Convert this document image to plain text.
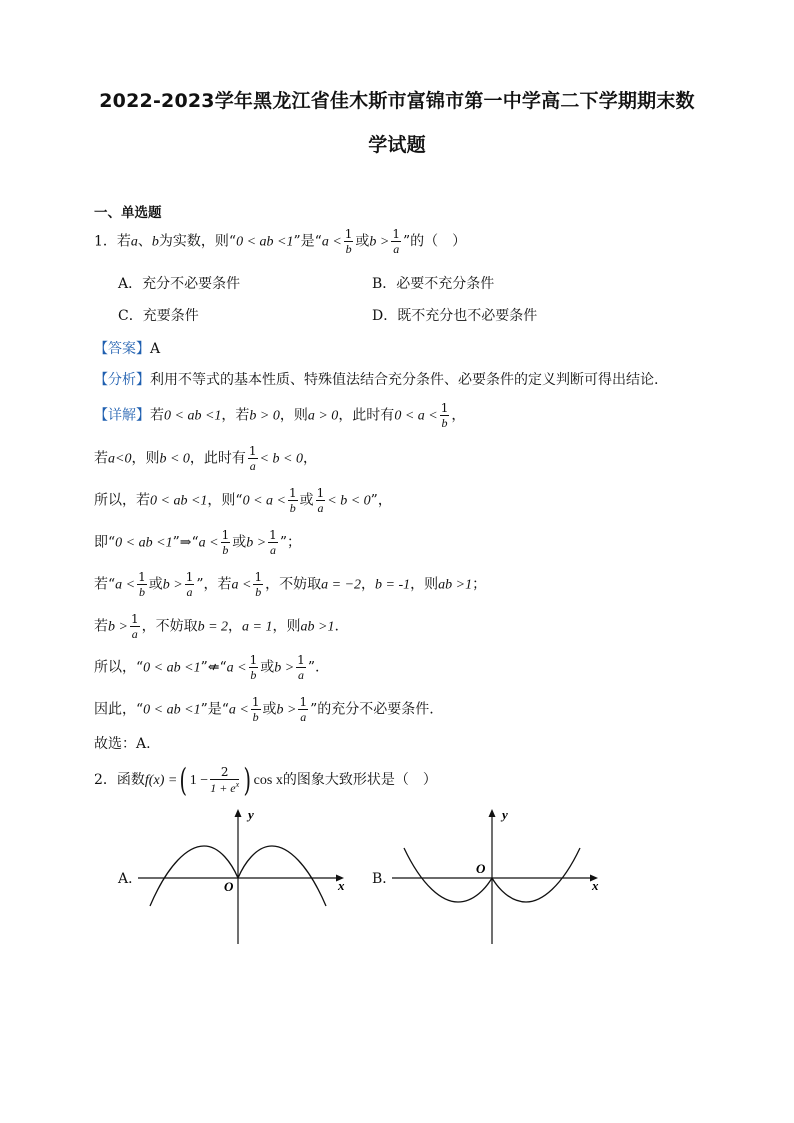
2022-2023学年黑龙江省佳木斯市富锦市第一中学高二下学期期末数
学试题
一、单选题
1．若a、b为实数，则“0 < ab <1”是“$a < \frac{1}{b}$ 或$b > \frac{1}{a}$ ”的（　）
A．充分不必要条件	B．必要不充分条件
C．充要条件	D．既不充分也不必要条件
【答案】A
【分析】利用不等式的基本性质、特殊值法结合充分条件、必要条件的定义判断可得出结论.
【详解】若0 < ab <1，若b > 0，则a > 0，此时有$0 < a < \frac{1}{b}$ ，
若a<0，则b < 0，此时有 $\frac{1}{a} < b < 0$，
所以，若0 < ab <1，则“$0 < a < \frac{1}{b}$ 或 $\frac{1}{a} < b < 0$”，
即“0 < ab <1”⇒“a < $\frac{1}{b}$ 或$b > \frac{1}{a}$ ”；
若“$a < \frac{1}{b}$ 或$b > \frac{1}{a}$ ”，若$a < \frac{1}{b}$ ，不妨取a = −2，b = -1，则ab >1；
若$b > \frac{1}{a}$ ，不妨取b = 2，a = 1，则ab >1.
所以，“0 < ab <1”⇍“a < $\frac{1}{b}$ 或$b > \frac{1}{a}$ ”.
因此，“0 < ab <1”是“$a < \frac{1}{b}$ 或$b > \frac{1}{a}$ ”的充分不必要条件.
故选：A.
2．函数f(x) =( $1 - \frac{2}{1 + e^x}$ ) cos x的图象大致形状是（　）
A．
y
x
O	B．
y
x
O
